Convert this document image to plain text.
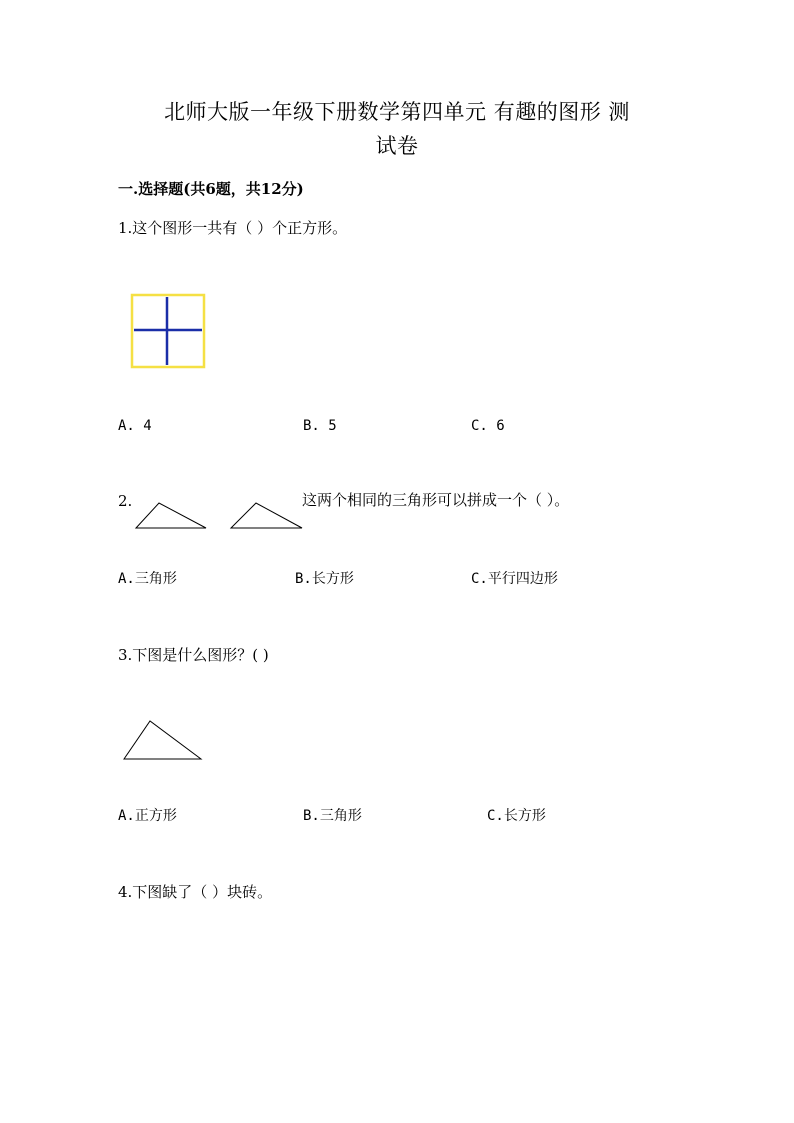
北师大版一年级下册数学第四单元 有趣的图形 测
试卷
一.选择题(共6题，共12分)
1.这个图形一共有（ ）个正方形。
A. 4	B. 5	C. 6
2.	这两个相同的三角形可以拼成一个（ ）。
A.三角形	B.长方形	C.平行四边形
3.下图是什么图形？( )
A.正方形	B.三角形	C.长方形
4.下图缺了（ ）块砖。
